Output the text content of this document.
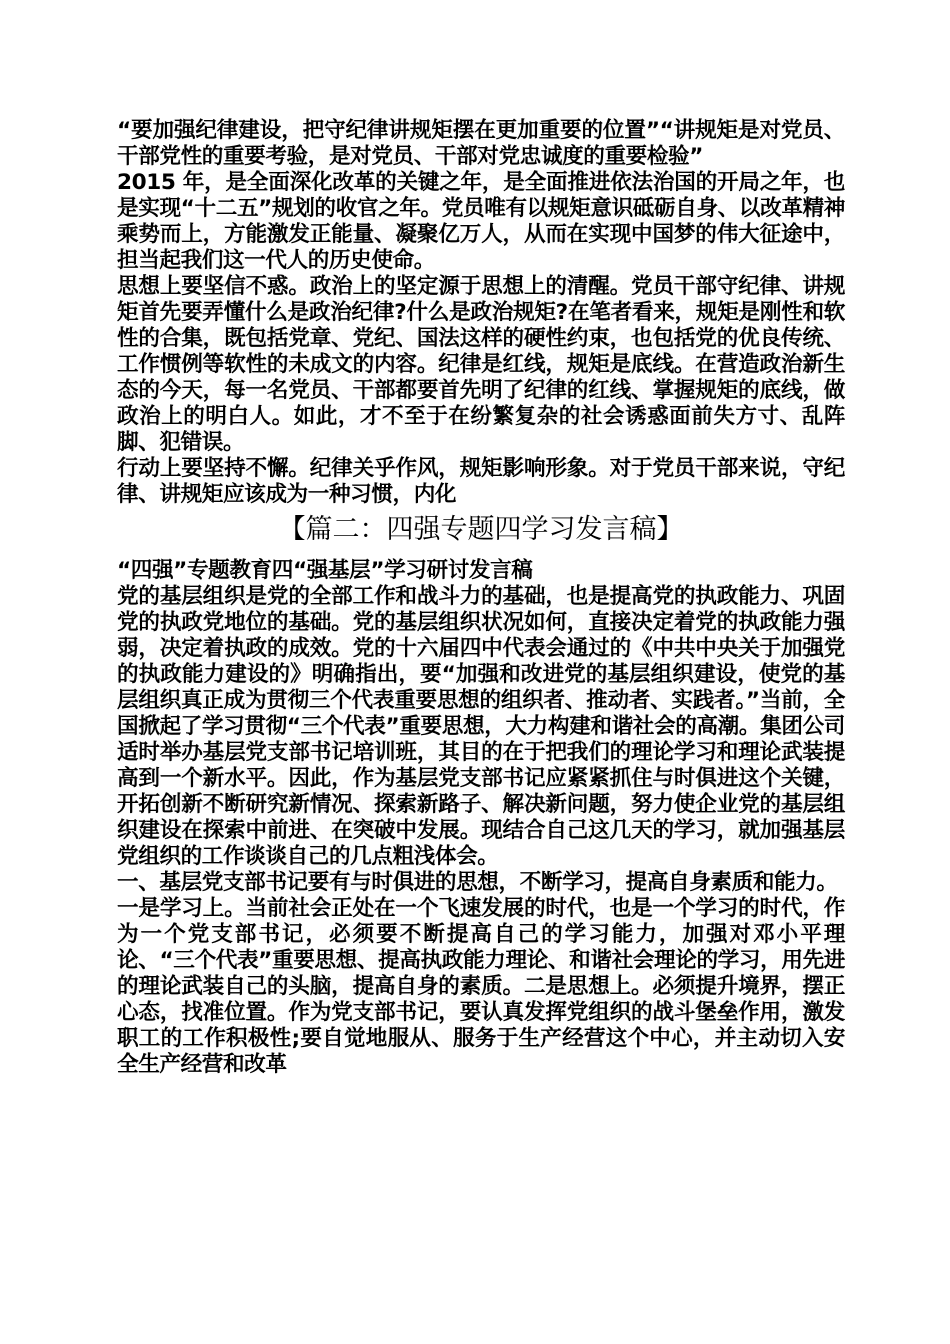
“要加强纪律建设，把守纪律讲规矩摆在更加重要的位置”“讲规矩是对党员、干部党性的重要考验，是对党员、干部对党忠诚度的重要检验”

2015 年，是全面深化改革的关键之年，是全面推进依法治国的开局之年，也是实现“十二五”规划的收官之年。党员唯有以规矩意识砥砺自身、以改革精神乘势而上，方能激发正能量、凝聚亿万人，从而在实现中国梦的伟大征途中，担当起我们这一代人的历史使命。

思想上要坚信不惑。政治上的坚定源于思想上的清醒。党员干部守纪律、讲规矩首先要弄懂什么是政治纪律?什么是政治规矩?在笔者看来，规矩是刚性和软性的合集，既包括党章、党纪、国法这样的硬性约束，也包括党的优良传统、工作惯例等软性的未成文的内容。纪律是红线，规矩是底线。在营造政治新生态的今天，每一名党员、干部都要首先明了纪律的红线、掌握规矩的底线，做政治上的明白人。如此，才不至于在纷繁复杂的社会诱惑面前失方寸、乱阵脚、犯错误。

行动上要坚持不懈。纪律关乎作风，规矩影响形象。对于党员干部来说，守纪律、讲规矩应该成为一种习惯，内化

【篇二：四强专题四学习发言稿】

“四强”专题教育四“强基层”学习研讨发言稿

党的基层组织是党的全部工作和战斗力的基础，也是提高党的执政能力、巩固党的执政党地位的基础。党的基层组织状况如何，直接决定着党的执政能力强弱，决定着执政的成效。党的十六届四中代表会通过的《中共中央关于加强党的执政能力建设的》明确指出，要“加强和改进党的基层组织建设，使党的基层组织真正成为贯彻三个代表重要思想的组织者、推动者、实践者。”当前，全国掀起了学习贯彻“三个代表”重要思想，大力构建和谐社会的高潮。集团公司适时举办基层党支部书记培训班，其目的在于把我们的理论学习和理论武装提高到一个新水平。因此，作为基层党支部书记应紧紧抓住与时俱进这个关键，开拓创新不断研究新情况、探索新路子、解决新问题，努力使企业党的基层组织建设在探索中前进、在突破中发展。现结合自己这几天的学习，就加强基层党组织的工作谈谈自己的几点粗浅体会。

一、基层党支部书记要有与时俱进的思想，不断学习，提高自身素质和能力。

一是学习上。当前社会正处在一个飞速发展的时代，也是一个学习的时代，作为一个党支部书记，必须要不断提高自己的学习能力，加强对邓小平理论、“三个代表”重要思想、提高执政能力理论、和谐社会理论的学习，用先进的理论武装自己的头脑，提高自身的素质。二是思想上。必须提升境界，摆正心态，找准位置。作为党支部书记，要认真发挥党组织的战斗堡垒作用，激发职工的工作积极性;要自觉地服从、服务于生产经营这个中心，并主动切入安全生产经营和改革
